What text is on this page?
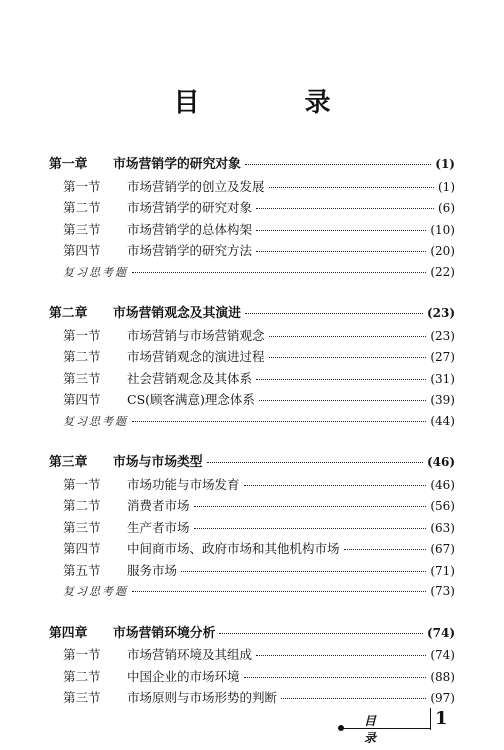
目 录
第一章	市场营销学的研究对象	(1)
第一节	市场营销学的创立及发展	(1)
第二节	市场营销学的研究对象	(6)
第三节	市场营销学的总体构架	(10)
第四节	市场营销学的研究方法	(20)
复习思考题	(22)
第二章	市场营销观念及其演进	(23)
第一节	市场营销与市场营销观念	(23)
第二节	市场营销观念的演进过程	(27)
第三节	社会营销观念及其体系	(31)
第四节	CS(顾客满意)理念体系	(39)
复习思考题	(44)
第三章	市场与市场类型	(46)
第一节	市场功能与市场发育	(46)
第二节	消费者市场	(56)
第三节	生产者市场	(63)
第四节	中间商市场、政府市场和其他机构市场	(67)
第五节	服务市场	(71)
复习思考题	(73)
第四章	市场营销环境分析	(74)
第一节	市场营销环境及其组成	(74)
第二节	中国企业的市场环境	(88)
第三节	市场原则与市场形势的判断	(97)
目 录
1
